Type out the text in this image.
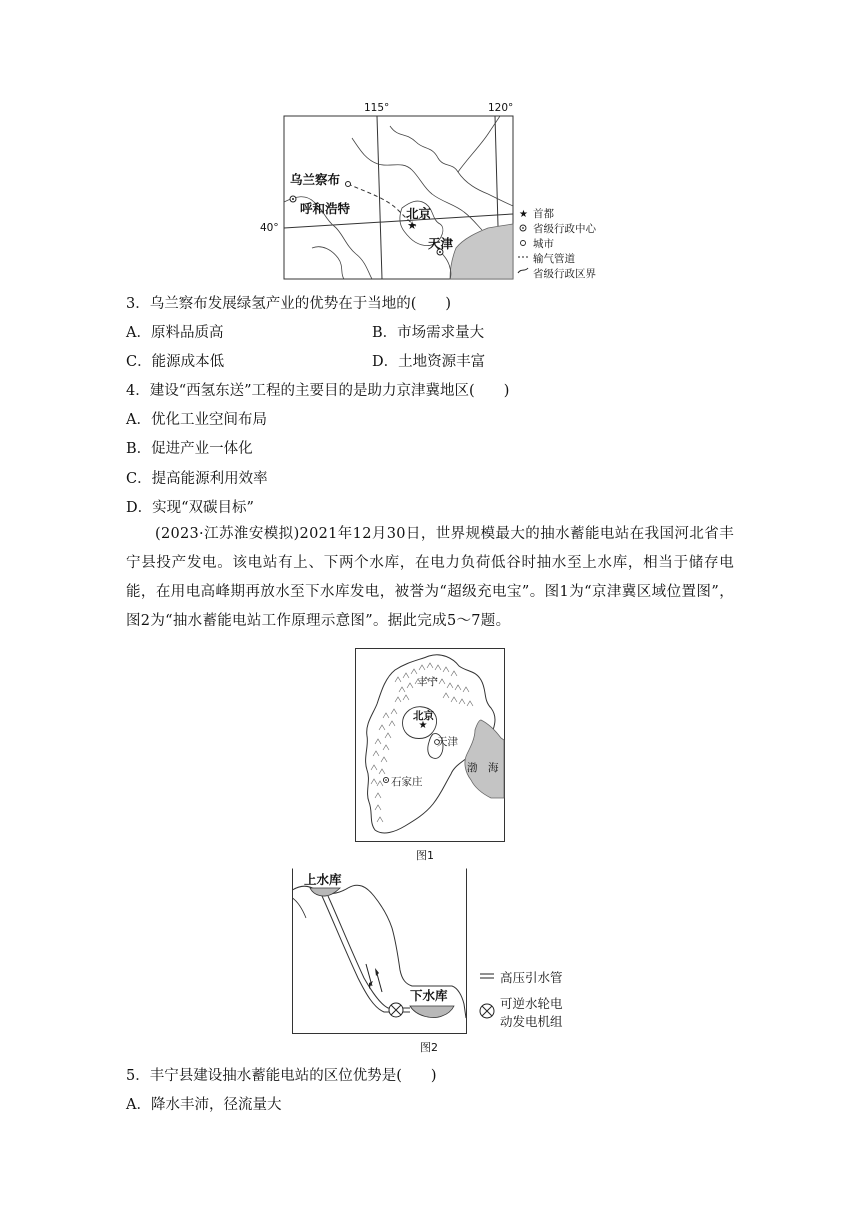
★
★
115°	120°
40°
乌兰察布
呼和浩特	北京
天津
首都
省级行政中心
城市
输气管道
省级行政区界
3．乌兰察布发展绿氢产业的优势在于当地的(　　)
A．原料品质高	B．市场需求量大
C．能源成本低	D．土地资源丰富
4．建设“西氢东送”工程的主要目的是助力京津冀地区(　　)
A．优化工业空间布局
B．促进产业一体化
C．提高能源利用效率
D．实现“双碳目标”
(2023·江苏淮安模拟)2021年12月30日，世界规模最大的抽水蓄能电站在我国河北省丰宁县投产发电。该电站有上、下两个水库，在电力负荷低谷时抽水至上水库，相当于储存电能，在用电高峰期再放水至下水库发电，被誉为“超级充电宝”。图1为“京津冀区域位置图”，图2为“抽水蓄能电站工作原理示意图”。据此完成5～7题。
★
丰宁
北京
天津
石家庄
渤　海
图1
上水库
下水库
高压引水管
可逆水轮电
动发电机组
图2
5．丰宁县建设抽水蓄能电站的区位优势是(　　)
A．降水丰沛，径流量大
